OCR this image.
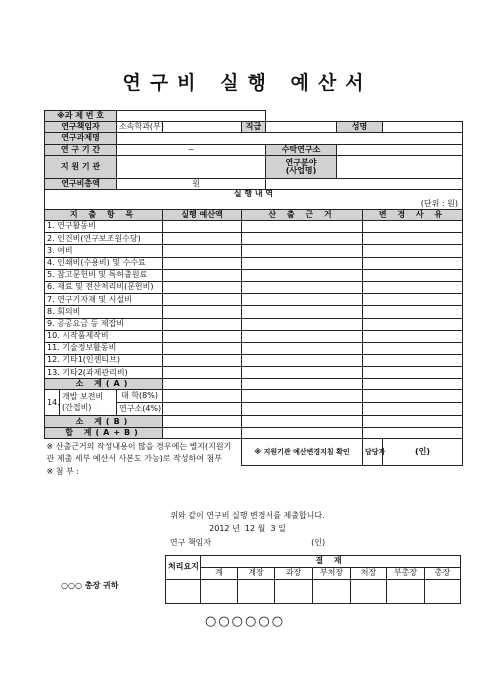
연구비 실행 예산서
※과 제 번 호								
연구책임자		소속학과(부)		직급		성명		
연구과제명								
연 구 기 간		~			수탁연구소			
지 원 기 관					연구분야
(사업명)			
연구비총액		원						
실 행 내 역
(단위 : 원)								

지 출 항 목			실행 예산액	산 출 근 거			변 경 사 유	
1. 연구활동비								
2. 인건비(연구보조원수당)								
3. 여비								
4. 인쇄비(수용비) 및 수수료								
5. 참고문헌비 및 특허출원료								
6. 재료 및 전산처리비(문헌비)								
7. 연구기자재 및 시설비								
8. 회의비								
9. 공공요금 등 제잡비								
10. 시작품제작비								
11. 기술정보활동비								
12. 기타1(인센티브)								
13. 기타2(과제관리비)								
소 계(A)								
14.	개발 보전비
(간접비)	대 학(8%)						
		연구소(4%)						
소 계(B)								
합 계(A+B)								
※ 산출근거의 작성내용이 많을 경우에는 별지(지원기관 제출 세부 예산서 사본도 가능)로 작성하여 첨부				※ 지원기관 예산변경지침 확인			담당자	(인)
※ 첨 부 :								
위와 같이 연구비 실행 변경서를 제출합니다.
2012 년 12 월 3 일
연구 책임자	(인)
○○○ 총장 귀하
처리요지	결 재						
	계	계장	과장	부처장	처장	부총장	총장

○○○○○○
